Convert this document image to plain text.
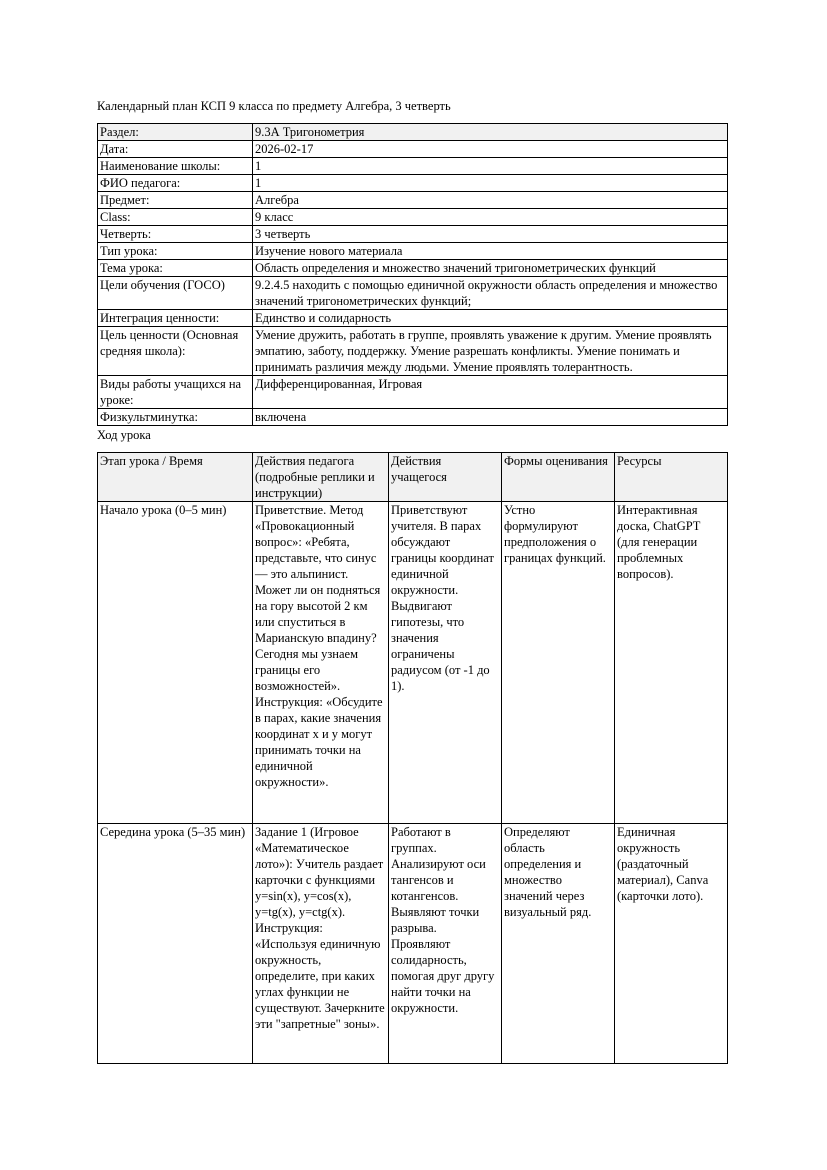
Календарный план КСП 9 класса по предмету Алгебра, 3 четверть

Раздел:	9.3А Тригонометрия
Дата:	2026-02-17
Наименование школы:	1
ФИО педагога:	1
Предмет:	Алгебра
Class:	9 класс
Четверть:	3 четверть
Тип урока:	Изучение нового материала
Тема урока:	Область определения и множество значений тригонометрических функций
Цели обучения (ГОСО)	9.2.4.5 находить с помощью единичной окружности область определения и множество значений тригонометрических функций;
Интеграция ценности:	Единство и солидарность
Цель ценности (Основная средняя школа):	Умение дружить, работать в группе, проявлять уважение к другим. Умение проявлять эмпатию, заботу, поддержку. Умение разрешать конфликты. Умение понимать и принимать различия между людьми. Умение проявлять толерантность.
Виды работы учащихся на уроке:	Дифференцированная, Игровая
Физкультминутка:	включена

Ход урока

Этап урока / Время	Действия педагога (подробные реплики и инструкции)	Действия учащегося	Формы оценивания	Ресурсы
Начало урока (0–5 мин)	Приветствие. Метод «Провокационный вопрос»: «Ребята, представьте, что синус — это альпинист. Может ли он подняться на гору высотой 2 км или спуститься в Марианскую впадину? Сегодня мы узнаем границы его возможностей». Инструкция: «Обсудите в парах, какие значения координат x и y могут принимать точки на единичной окружности».	Приветствуют учителя. В парах обсуждают границы координат единичной окружности. Выдвигают гипотезы, что значения ограничены радиусом (от -1 до 1).	Устно формулируют предположения о границах функций.	Интерактивная доска, ChatGPT (для генерации проблемных вопросов).
Середина урока (5–35 мин)	Задание 1 (Игровое «Математическое лото»): Учитель раздает карточки с функциями y=sin(x), y=cos(x), y=tg(x), y=ctg(x). Инструкция: «Используя единичную окружность, определите, при каких углах функции не существуют. Зачеркните эти "запретные" зоны».	Работают в группах. Анализируют оси тангенсов и котангенсов. Выявляют точки разрыва. Проявляют солидарность, помогая друг другу найти точки на окружности.	Определяют область определения и множество значений через визуальный ряд.	Единичная окружность (раздаточный материал), Canva (карточки лото).
